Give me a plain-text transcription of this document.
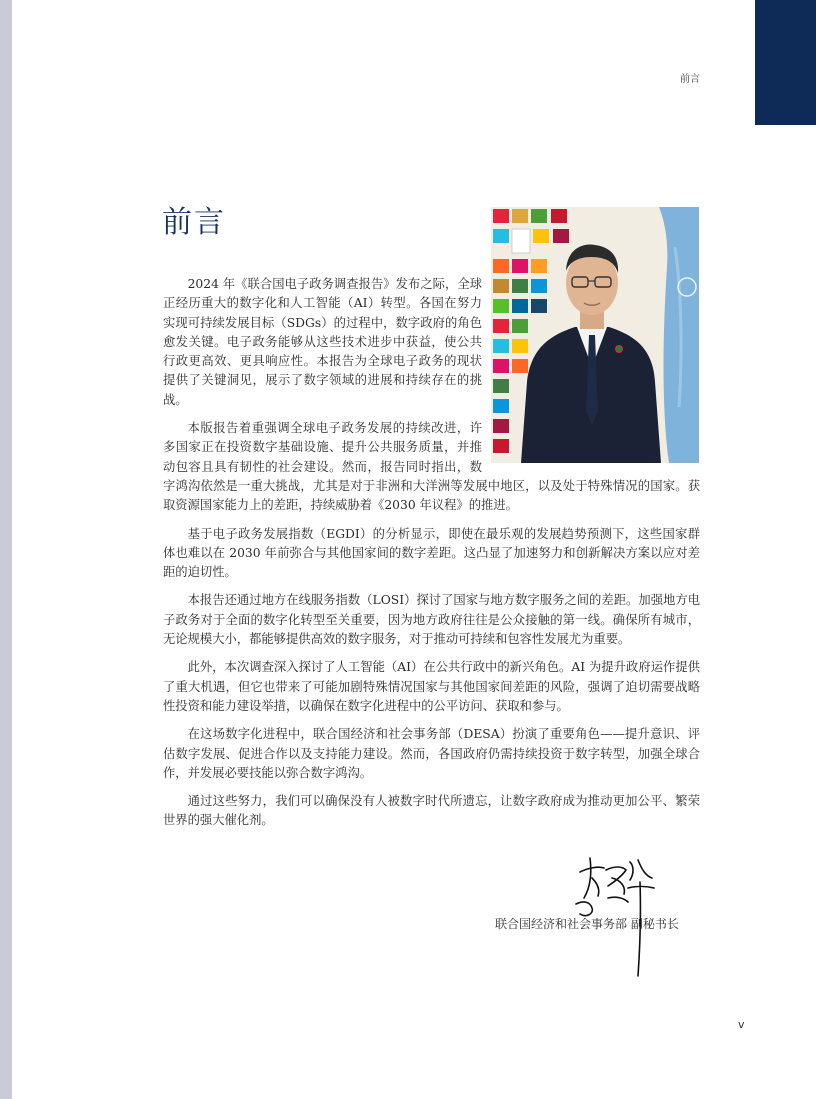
前言
前言

2024 年《联合国电子政务调查报告》发布之际，全球正经历重大的数字化和人工智能（AI）转型。各国在努力实现可持续发展目标（SDGs）的过程中，数字政府的角色愈发关键。电子政务能够从这些技术进步中获益，使公共行政更高效、更具响应性。本报告为全球电子政务的现状提供了关键洞见，展示了数字领域的进展和持续存在的挑战。

本版报告着重强调全球电子政务发展的持续改进，许多国家正在投资数字基础设施、提升公共服务质量，并推动包容且具有韧性的社会建设。然而，报告同时指出，数字鸿沟依然是一重大挑战，尤其是对于非洲和大洋洲等发展中地区，以及处于特殊情况的国家。获取资源国家能力上的差距，持续威胁着《2030 年议程》的推进。

基于电子政务发展指数（EGDI）的分析显示，即使在最乐观的发展趋势预测下，这些国家群体也难以在 2030 年前弥合与其他国家间的数字差距。这凸显了加速努力和创新解决方案以应对差距的迫切性。

本报告还通过地方在线服务指数（LOSI）探讨了国家与地方数字服务之间的差距。加强地方电子政务对于全面的数字化转型至关重要，因为地方政府往往是公众接触的第一线。确保所有城市，无论规模大小，都能够提供高效的数字服务，对于推动可持续和包容性发展尤为重要。

此外，本次调查深入探讨了人工智能（AI）在公共行政中的新兴角色。AI 为提升政府运作提供了重大机遇，但它也带来了可能加剧特殊情况国家与其他国家间差距的风险，强调了迫切需要战略性投资和能力建设举措，以确保在数字化进程中的公平访问、获取和参与。

在这场数字化进程中，联合国经济和社会事务部（DESA）扮演了重要角色——提升意识、评估数字发展、促进合作以及支持能力建设。然而，各国政府仍需持续投资于数字转型，加强全球合作，并发展必要技能以弥合数字鸿沟。

通过这些努力，我们可以确保没有人被数字时代所遗忘，让数字政府成为推动更加公平、繁荣世界的强大催化剂。

联合国经济和社会事务部 副秘书长
v
